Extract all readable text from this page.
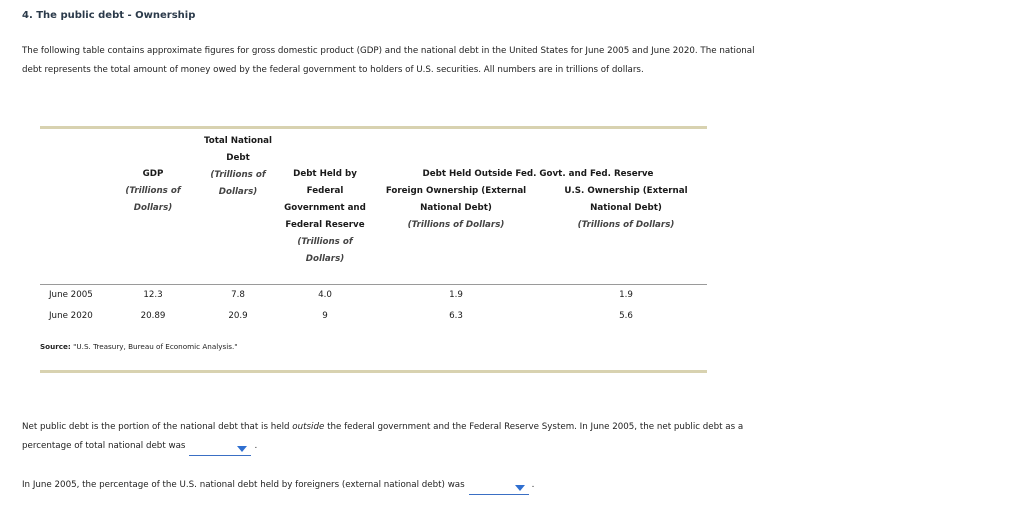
4. The public debt - Ownership
The following table contains approximate figures for gross domestic product (GDP) and the national debt in the United States for June 2005 and June 2020. The national debt represents the total amount of money owed by the federal government to holders of U.S. securities. All numbers are in trillions of dollars.
GDP
(Trillions of Dollars)
Total National Debt
(Trillions of Dollars)
Debt Held by Federal Government and Federal Reserve
(Trillions of Dollars)
Debt Held Outside Fed. Govt. and Fed. Reserve
Foreign Ownership (External National Debt)
(Trillions of Dollars)
U.S. Ownership (External National Debt)
(Trillions of Dollars)
June 2005	12.3	7.8	4.0	1.9	1.9
June 2020	20.89	20.9	9	6.3	5.6
Source: "U.S. Treasury, Bureau of Economic Analysis."
Net public debt is the portion of the national debt that is held outside the federal government and the Federal Reserve System. In June 2005, the net public debt as a percentage of total national debt was	.
In June 2005, the percentage of the U.S. national debt held by foreigners (external national debt) was	.
